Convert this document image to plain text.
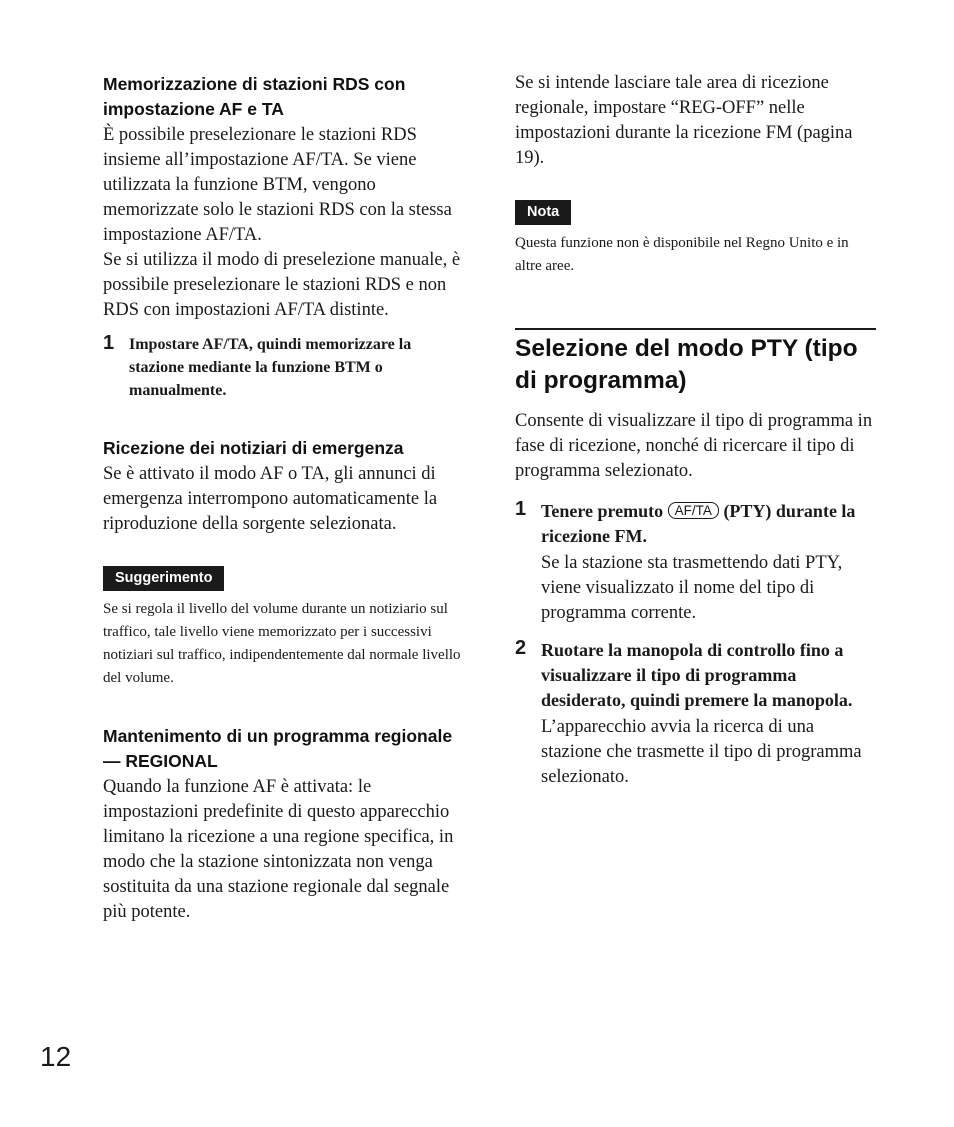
Memorizzazione di stazioni RDS con impostazione AF e TA

È possibile preselezionare le stazioni RDS insieme all’impostazione AF/TA. Se viene utilizzata la funzione BTM, vengono memorizzate solo le stazioni RDS con la stessa impostazione AF/TA.

Se si utilizza il modo di preselezione manuale, è possibile preselezionare le stazioni RDS e non RDS con impostazioni AF/TA distinte.

1 Impostare AF/TA, quindi memorizzare la stazione mediante la funzione BTM o manualmente.

Ricezione dei notiziari di emergenza

Se è attivato il modo AF o TA, gli annunci di emergenza interrompono automaticamente la riproduzione della sorgente selezionata.

Suggerimento

Se si regola il livello del volume durante un notiziario sul traffico, tale livello viene memorizzato per i successivi notiziari sul traffico, indipendentemente dal normale livello del volume.

Mantenimento di un programma regionale — REGIONAL

Quando la funzione AF è attivata: le impostazioni predefinite di questo apparecchio limitano la ricezione a una regione specifica, in modo che la stazione sintonizzata non venga sostituita da una stazione regionale dal segnale più potente.

Se si intende lasciare tale area di ricezione regionale, impostare “REG-OFF” nelle impostazioni durante la ricezione FM (pagina 19).

Nota

Questa funzione non è disponibile nel Regno Unito e in altre aree.

Selezione del modo PTY (tipo di programma)

Consente di visualizzare il tipo di programma in fase di ricezione, nonché di ricercare il tipo di programma selezionato.

1 Tenere premuto AF/TA (PTY) durante la ricezione FM.

Se la stazione sta trasmettendo dati PTY, viene visualizzato il nome del tipo di programma corrente.

2 Ruotare la manopola di controllo fino a visualizzare il tipo di programma desiderato, quindi premere la manopola.

L’apparecchio avvia la ricerca di una stazione che trasmette il tipo di programma selezionato.

12
